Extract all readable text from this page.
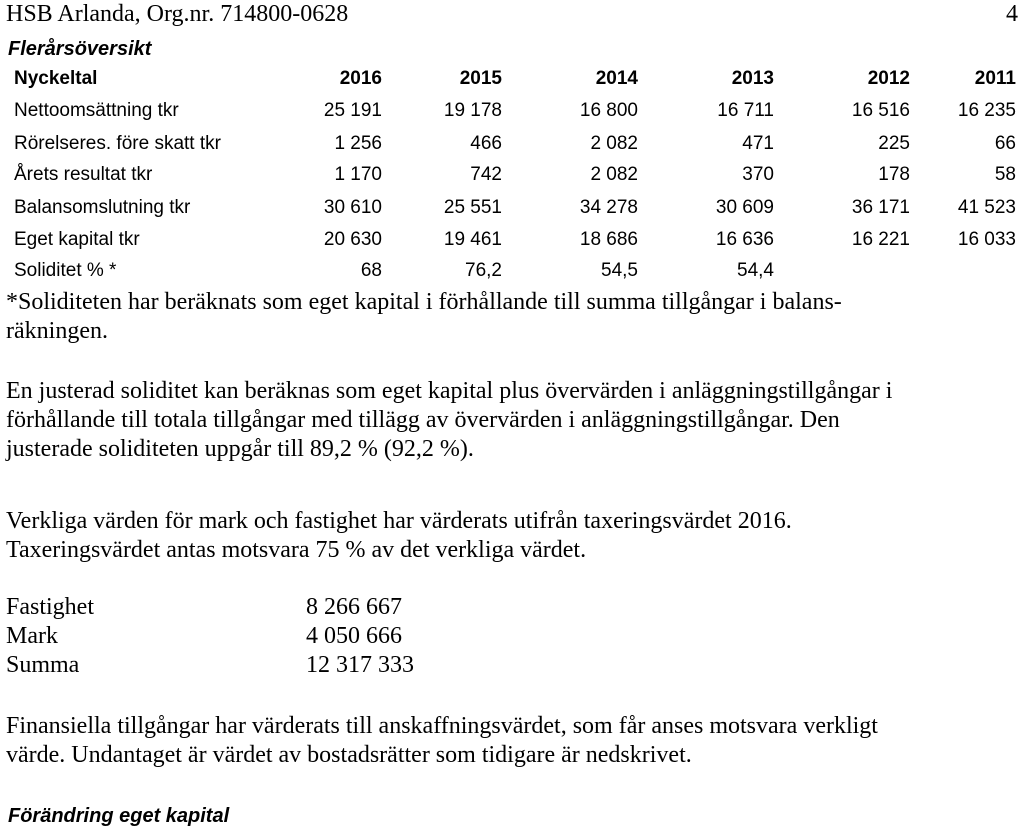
HSB Arlanda, Org.nr. 714800-0628	4
Flerårsöversikt
Nyckeltal	2016	2015	2014	2013	2012	2011
Nettoomsättning tkr	25 191	19 178	16 800	16 711	16 516	16 235
Rörelseres. före skatt tkr	1 256	466	2 082	471	225	66
Årets resultat tkr	1 170	742	2 082	370	178	58
Balansomslutning tkr	30 610	25 551	34 278	30 609	36 171	41 523
Eget kapital tkr	20 630	19 461	18 686	16 636	16 221	16 033
Soliditet % *	68	76,2	54,5	54,4

*Soliditeten har beräknats som eget kapital i förhållande till summa tillgångar i balans-
räkningen.

En justerad soliditet kan beräknas som eget kapital plus övervärden i anläggningstillgångar i
förhållande till totala tillgångar med tillägg av övervärden i anläggningstillgångar. Den
justerade soliditeten uppgår till 89,2 % (92,2 %).

Verkliga värden för mark och fastighet har värderats utifrån taxeringsvärdet 2016.
Taxeringsvärdet antas motsvara 75 % av det verkliga värdet.

Fastighet	8 266 667
Mark	4 050 666
Summa	12 317 333

Finansiella tillgångar har värderats till anskaffningsvärdet, som får anses motsvara verkligt
värde. Undantaget är värdet av bostadsrätter som tidigare är nedskrivet.

Förändring eget kapital
